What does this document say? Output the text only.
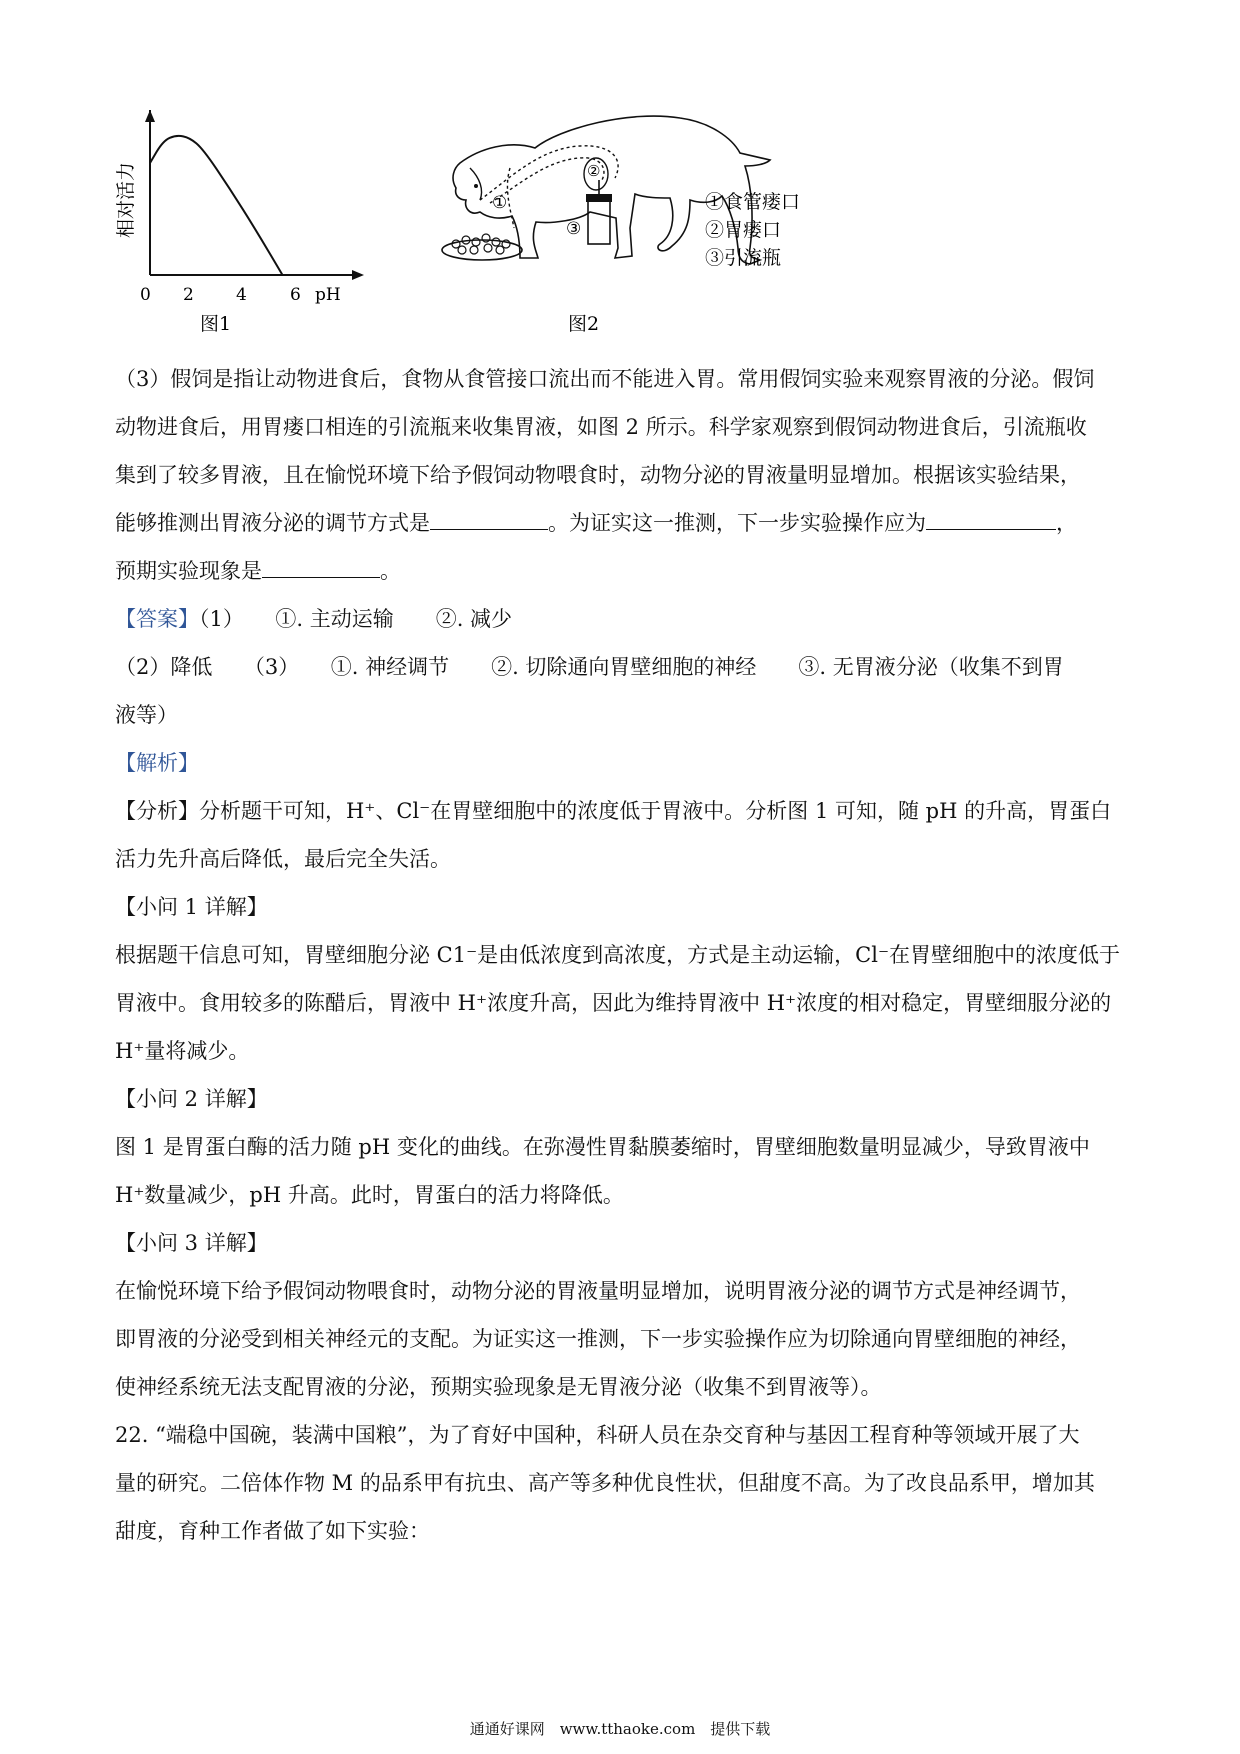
相对活力
0 2 4	6 pH
图1
①
②
③
①食管瘘口
②胃瘘口
③引流瓶
图2
（3）假饲是指让动物进食后，食物从食管接口流出而不能进入胃。常用假饲实验来观察胃液的分泌。假饲
动物进食后，用胃瘘口相连的引流瓶来收集胃液，如图 2 所示。科学家观察到假饲动物进食后，引流瓶收
集到了较多胃液，且在愉悦环境下给予假饲动物喂食时，动物分泌的胃液量明显增加。根据该实验结果，
能够推测出胃液分泌的调节方式是	。为证实这一推测，下一步实验操作应为	，
预期实验现象是	。
【答案】（1）　　①. 主动运输　　②. 减少
（2）降低　　（3）　　①. 神经调节　　②. 切除通向胃壁细胞的神经　　③. 无胃液分泌（收集不到胃
液等）
【解析】
【分析】分析题干可知，H⁺、Cl⁻在胃壁细胞中的浓度低于胃液中。分析图 1 可知，随 pH 的升高，胃蛋白
活力先升高后降低，最后完全失活。
【小问 1 详解】
根据题干信息可知，胃壁细胞分泌 C1⁻是由低浓度到高浓度，方式是主动运输，Cl⁻在胃壁细胞中的浓度低于
胃液中。食用较多的陈醋后，胃液中 H⁺浓度升高，因此为维持胃液中 H⁺浓度的相对稳定，胃壁细服分泌的
H⁺量将减少。
【小问 2 详解】
图 1 是胃蛋白酶的活力随 pH 变化的曲线。在弥漫性胃黏膜萎缩时，胃壁细胞数量明显减少，导致胃液中
H⁺数量减少，pH 升高。此时，胃蛋白的活力将降低。
【小问 3 详解】
在愉悦环境下给予假饲动物喂食时，动物分泌的胃液量明显增加，说明胃液分泌的调节方式是神经调节，
即胃液的分泌受到相关神经元的支配。为证实这一推测，下一步实验操作应为切除通向胃壁细胞的神经，
使神经系统无法支配胃液的分泌，预期实验现象是无胃液分泌（收集不到胃液等）。
22. “端稳中国碗，装满中国粮”，为了育好中国种，科研人员在杂交育种与基因工程育种等领域开展了大
量的研究。二倍体作物 M 的品系甲有抗虫、高产等多种优良性状，但甜度不高。为了改良品系甲，增加其
甜度，育种工作者做了如下实验：
通通好课网　www.tthaoke.com　提供下载
